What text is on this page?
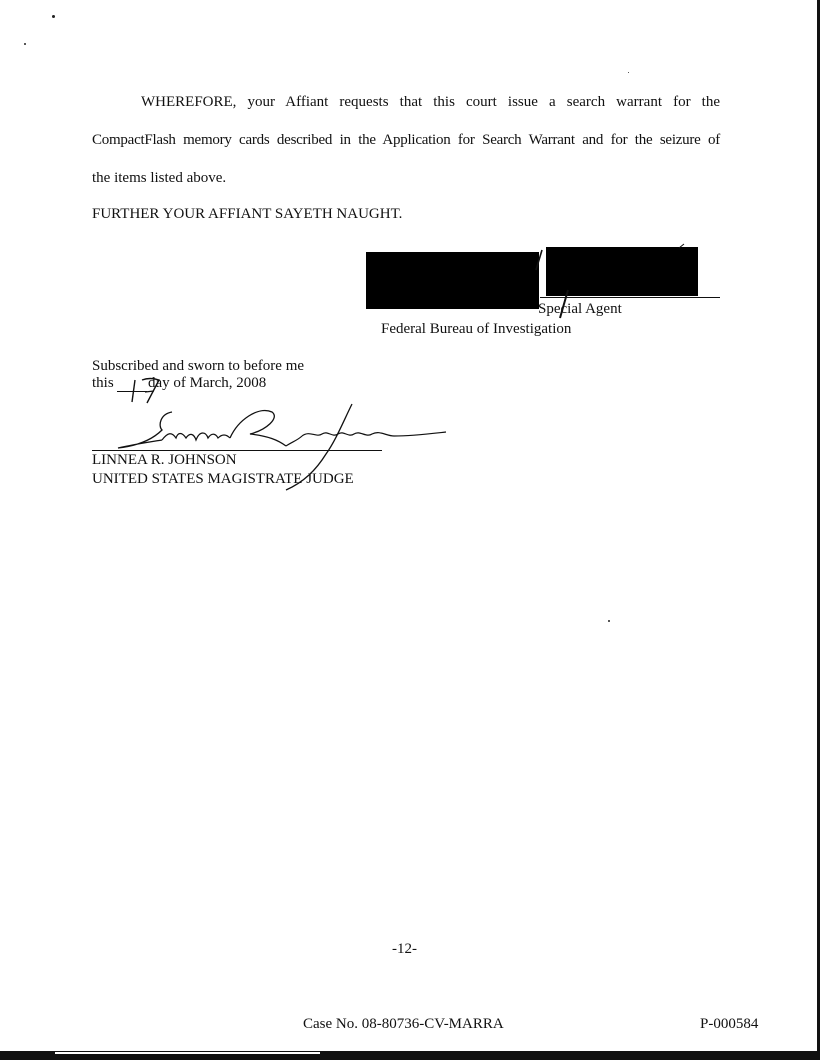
WHEREFORE, your Affiant requests that this court issue a search warrant for the
CompactFlash memory cards described in the Application for Search Warrant and for the seizure of
the items listed above.
FURTHER YOUR AFFIANT SAYETH NAUGHT.
Special Agent
Federal Bureau of Investigation
Subscribed and sworn to before me
this day of March, 2008
LINNEA R. JOHNSON
UNITED STATES MAGISTRATE JUDGE
-12-
Case No. 08-80736-CV-MARRA	P-000584
